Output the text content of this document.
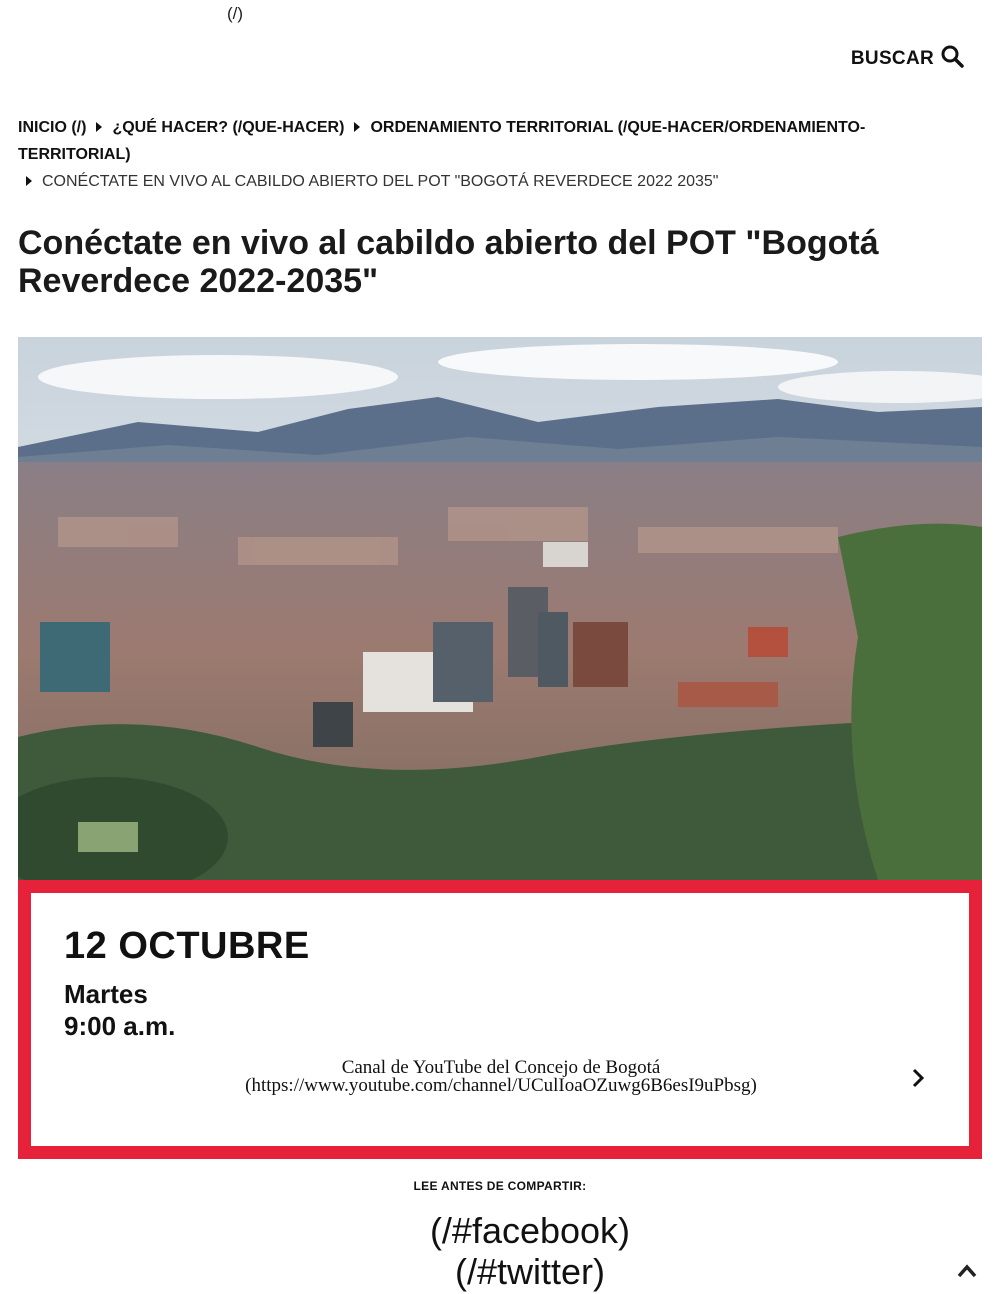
(/)
BUSCAR
INICIO (/) ¿QUÉ HACER? (/QUE-HACER) ORDENAMIENTO TERRITORIAL (/QUE-HACER/ORDENAMIENTO-TERRITORIAL)
CONÉCTATE EN VIVO AL CABILDO ABIERTO DEL POT "BOGOTÁ REVERDECE 2022 2035"
Conéctate en vivo al cabildo abierto del POT "Bogotá Reverdece 2022-2035"
12 OCTUBRE
Martes
9:00 a.m.
Canal de YouTube del Concejo de Bogotá
(https://www.youtube.com/channel/UCulIoaOZuwg6B6esI9uPbsg)
LEE ANTES DE COMPARTIR:
(/#facebook)
(/#twitter)
